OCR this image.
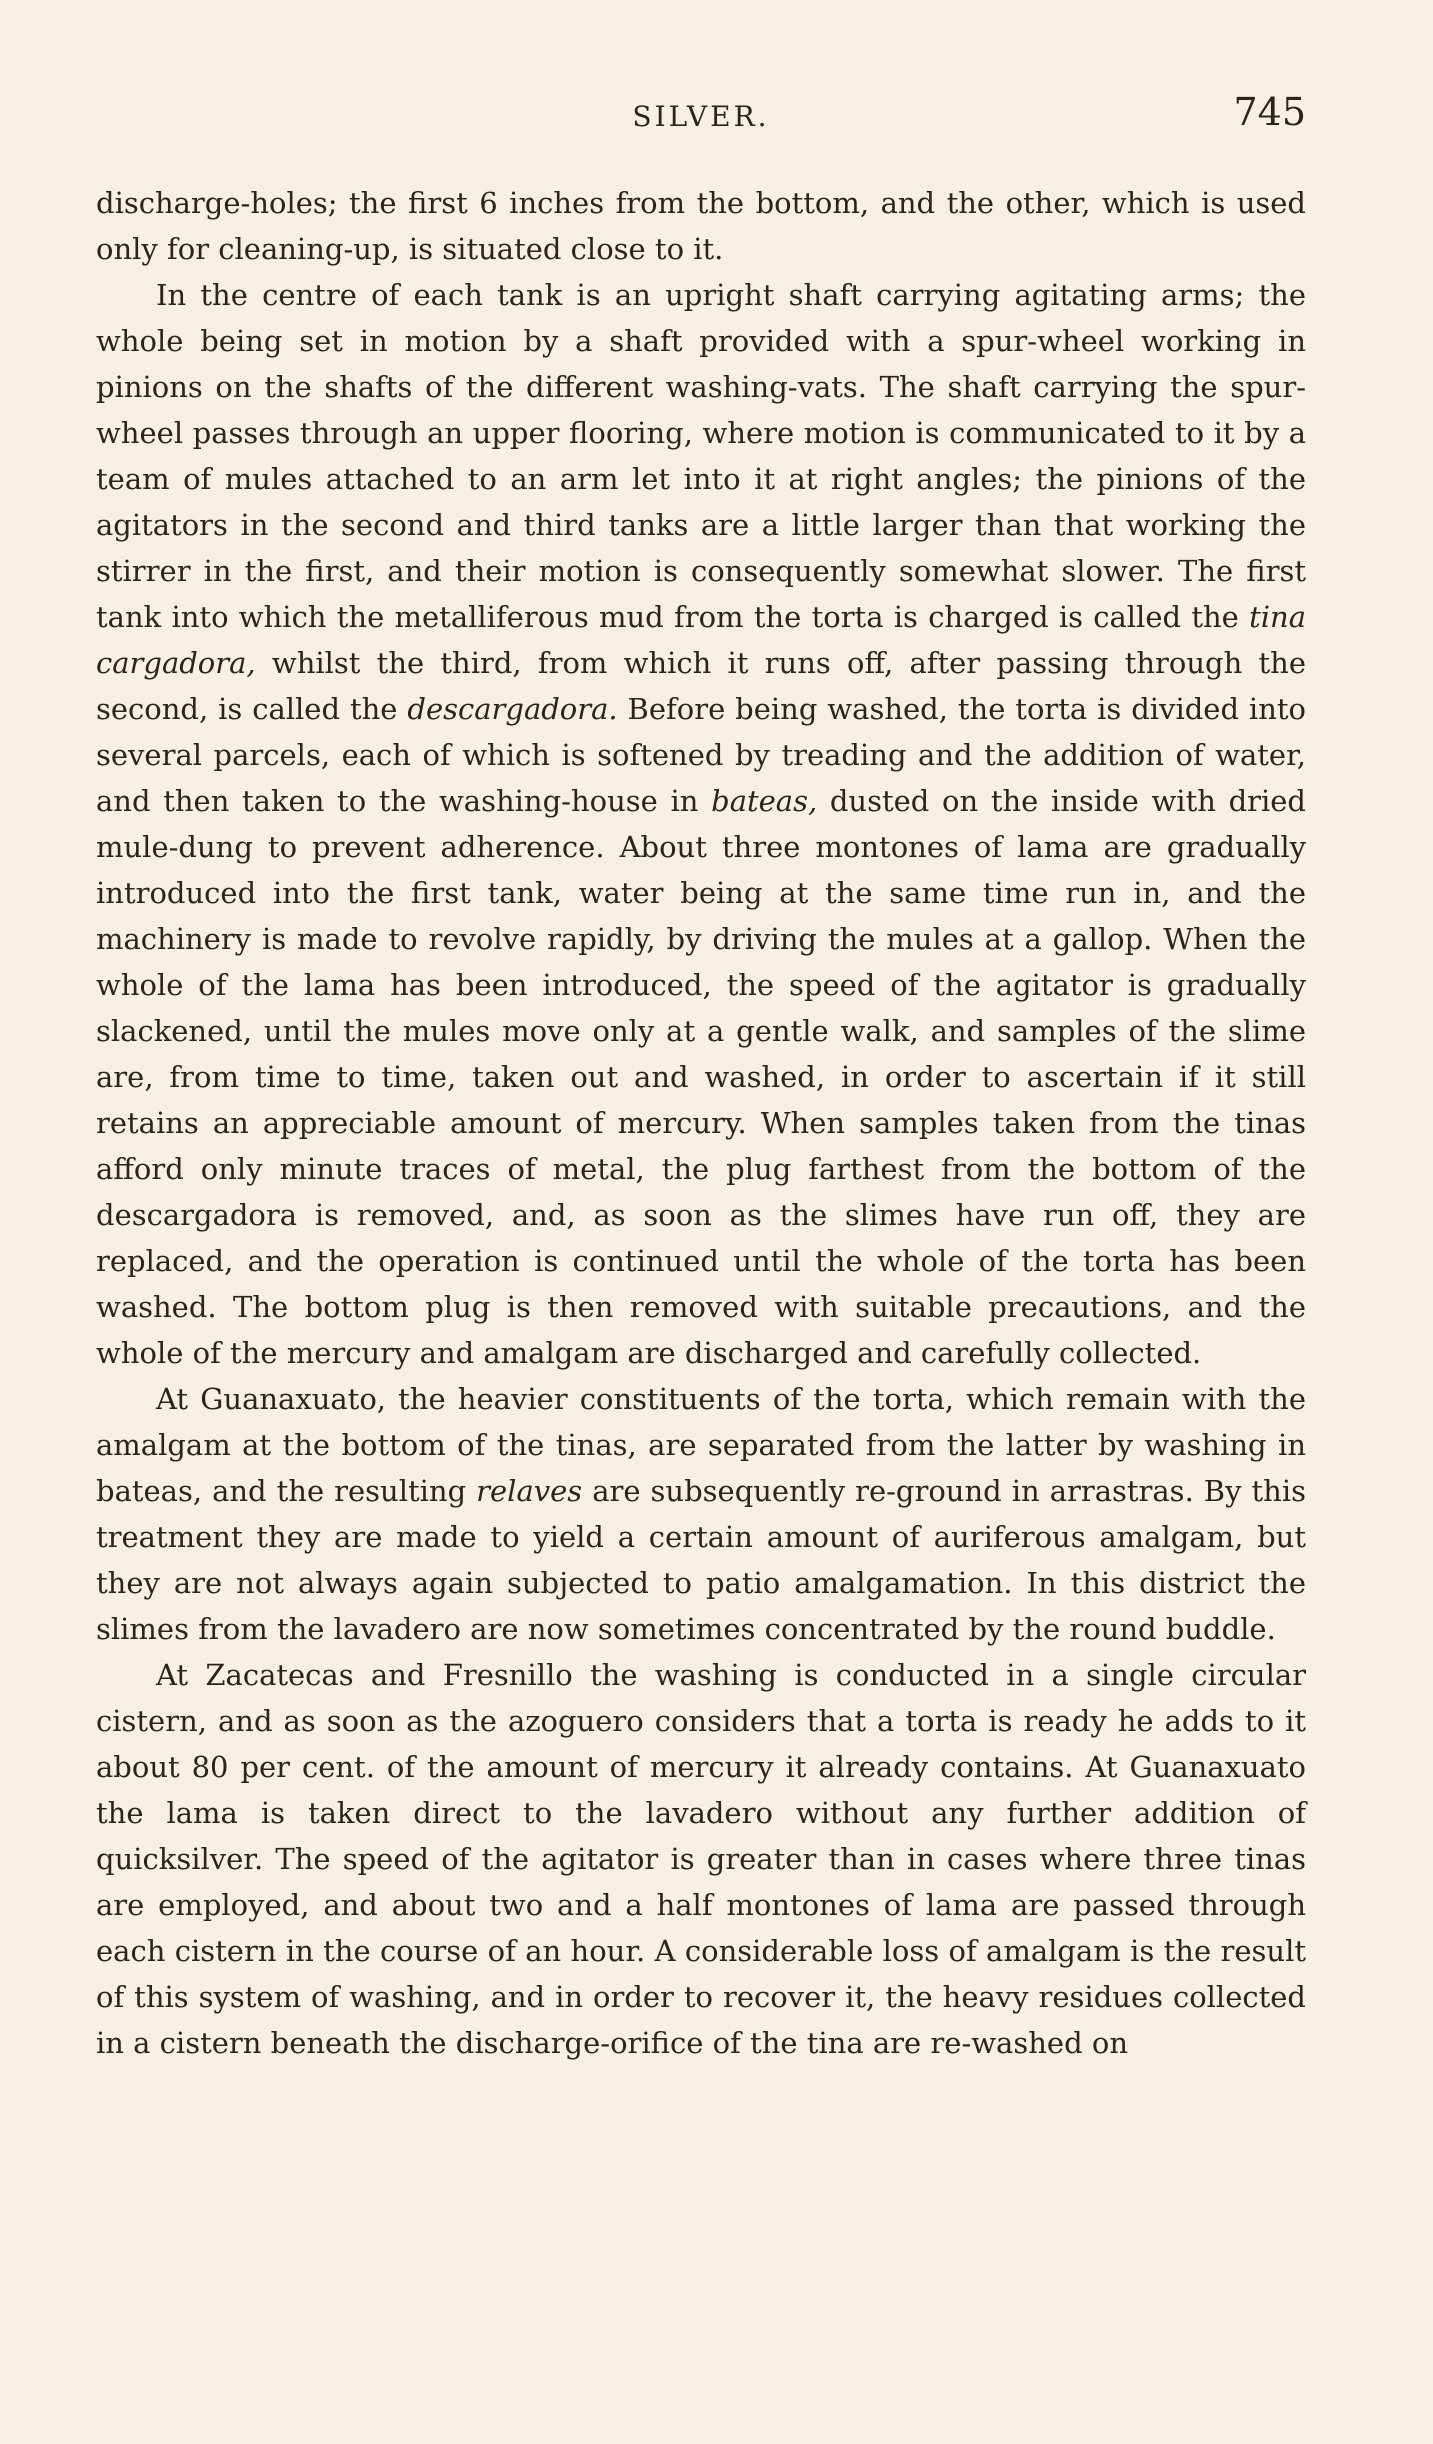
SILVER.	745

discharge-holes; the first 6 inches from the bottom, and the other, which is used only for cleaning-up, is situated close to it.

In the centre of each tank is an upright shaft carrying agitating arms; the whole being set in motion by a shaft provided with a spur-wheel working in pinions on the shafts of the different washing-vats. The shaft carrying the spur-wheel passes through an upper flooring, where motion is communicated to it by a team of mules attached to an arm let into it at right angles; the pinions of the agitators in the second and third tanks are a little larger than that working the stirrer in the first, and their motion is consequently somewhat slower. The first tank into which the metalliferous mud from the torta is charged is called the tina cargadora, whilst the third, from which it runs off, after passing through the second, is called the descargadora. Before being washed, the torta is divided into several parcels, each of which is softened by treading and the addition of water, and then taken to the washing-house in bateas, dusted on the inside with dried mule-dung to prevent adherence. About three montones of lama are gradually introduced into the first tank, water being at the same time run in, and the machinery is made to revolve rapidly, by driving the mules at a gallop. When the whole of the lama has been introduced, the speed of the agitator is gradually slackened, until the mules move only at a gentle walk, and samples of the slime are, from time to time, taken out and washed, in order to ascertain if it still retains an appreciable amount of mercury. When samples taken from the tinas afford only minute traces of metal, the plug farthest from the bottom of the descargadora is removed, and, as soon as the slimes have run off, they are replaced, and the operation is continued until the whole of the torta has been washed. The bottom plug is then removed with suitable precautions, and the whole of the mercury and amalgam are discharged and carefully collected.

At Guanaxuato, the heavier constituents of the torta, which remain with the amalgam at the bottom of the tinas, are separated from the latter by washing in bateas, and the resulting relaves are subsequently re-ground in arrastras. By this treatment they are made to yield a certain amount of auriferous amalgam, but they are not always again subjected to patio amalgamation. In this district the slimes from the lavadero are now sometimes concentrated by the round buddle.

At Zacatecas and Fresnillo the washing is conducted in a single circular cistern, and as soon as the azoguero considers that a torta is ready he adds to it about 80 per cent. of the amount of mercury it already contains. At Guanaxuato the lama is taken direct to the lavadero without any further addition of quicksilver. The speed of the agitator is greater than in cases where three tinas are employed, and about two and a half montones of lama are passed through each cistern in the course of an hour. A considerable loss of amalgam is the result of this system of washing, and in order to recover it, the heavy residues collected in a cistern beneath the discharge-orifice of the tina are re-washed on
